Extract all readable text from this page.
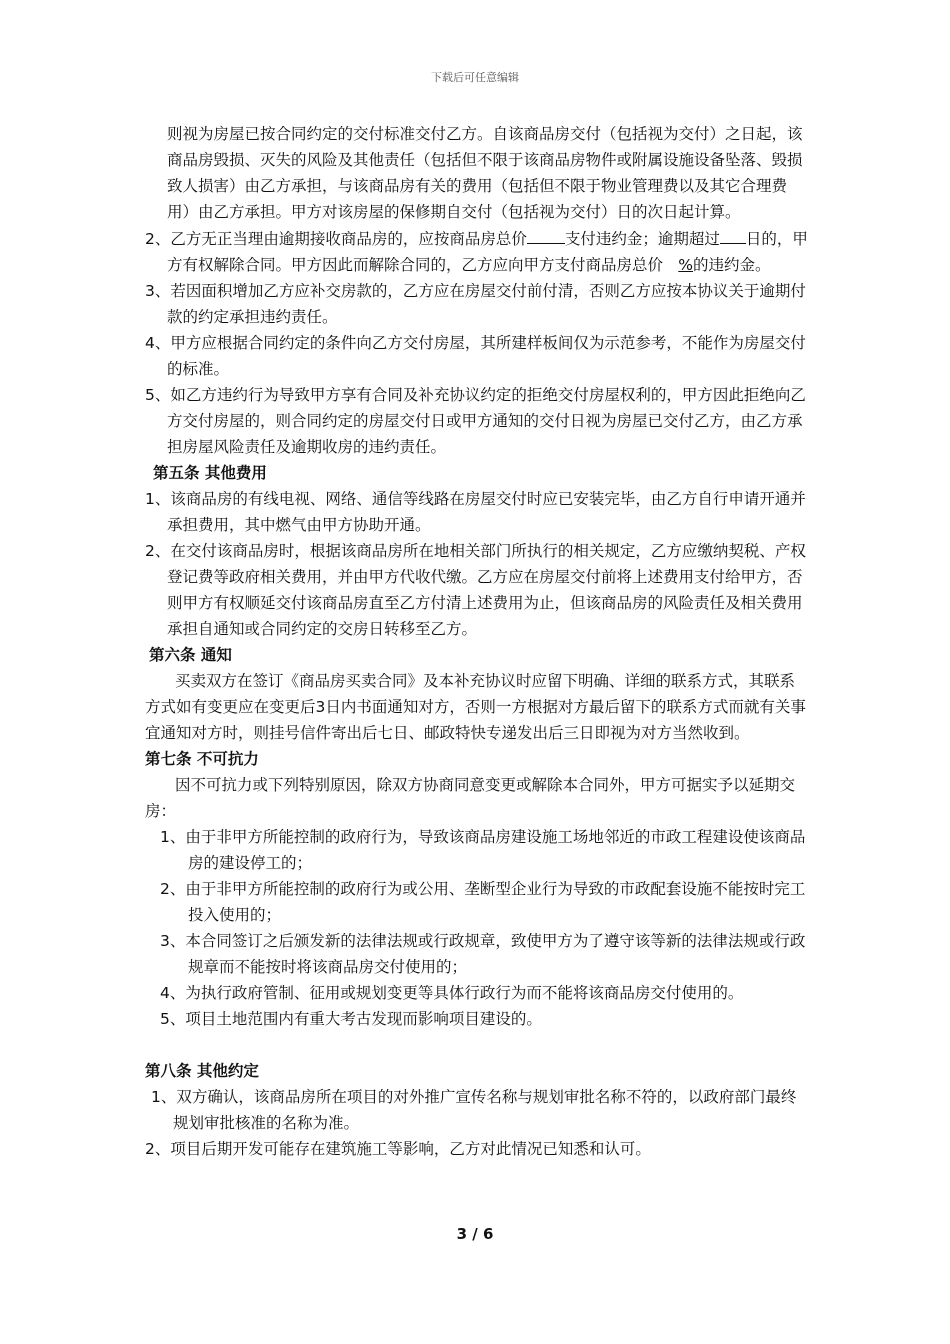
下载后可任意编辑
则视为房屋已按合同约定的交付标准交付乙方。自该商品房交付（包括视为交付）之日起，该商品房毁损、灭失的风险及其他责任（包括但不限于该商品房物件或附属设施设备坠落、毁损致人损害）由乙方承担，与该商品房有关的费用（包括但不限于物业管理费以及其它合理费用）由乙方承担。甲方对该房屋的保修期自交付（包括视为交付）日的次日起计算。
2、乙方无正当理由逾期接收商品房的，应按商品房总价 支付违约金；逾期超过 日的，甲方有权解除合同。甲方因此而解除合同的，乙方应向甲方支付商品房总价 %的违约金。
3、若因面积增加乙方应补交房款的，乙方应在房屋交付前付清，否则乙方应按本协议关于逾期付款的约定承担违约责任。
4、甲方应根据合同约定的条件向乙方交付房屋，其所建样板间仅为示范参考，不能作为房屋交付的标准。
5、如乙方违约行为导致甲方享有合同及补充协议约定的拒绝交付房屋权利的，甲方因此拒绝向乙方交付房屋的，则合同约定的房屋交付日或甲方通知的交付日视为房屋已交付乙方，由乙方承担房屋风险责任及逾期收房的违约责任。
第五条 其他费用
1、该商品房的有线电视、网络、通信等线路在房屋交付时应已安装完毕，由乙方自行申请开通并承担费用，其中燃气由甲方协助开通。
2、在交付该商品房时，根据该商品房所在地相关部门所执行的相关规定，乙方应缴纳契税、产权登记费等政府相关费用，并由甲方代收代缴。乙方应在房屋交付前将上述费用支付给甲方，否则甲方有权顺延交付该商品房直至乙方付清上述费用为止，但该商品房的风险责任及相关费用承担自通知或合同约定的交房日转移至乙方。
第六条 通知
买卖双方在签订《商品房买卖合同》及本补充协议时应留下明确、详细的联系方式，其联系方式如有变更应在变更后3日内书面通知对方，否则一方根据对方最后留下的联系方式而就有关事宜通知对方时，则挂号信件寄出后七日、邮政特快专递发出后三日即视为对方当然收到。
第七条 不可抗力
因不可抗力或下列特别原因，除双方协商同意变更或解除本合同外，甲方可据实予以延期交房：
1、由于非甲方所能控制的政府行为，导致该商品房建设施工场地邻近的市政工程建设使该商品房的建设停工的；
2、由于非甲方所能控制的政府行为或公用、垄断型企业行为导致的市政配套设施不能按时完工投入使用的；
3、本合同签订之后颁发新的法律法规或行政规章，致使甲方为了遵守该等新的法律法规或行政规章而不能按时将该商品房交付使用的；
4、为执行政府管制、征用或规划变更等具体行政行为而不能将该商品房交付使用的。
5、项目土地范围内有重大考古发现而影响项目建设的。
第八条 其他约定
1、双方确认，该商品房所在项目的对外推广宣传名称与规划审批名称不符的，以政府部门最终规划审批核准的名称为准。
2、项目后期开发可能存在建筑施工等影响，乙方对此情况已知悉和认可。
3 / 6
